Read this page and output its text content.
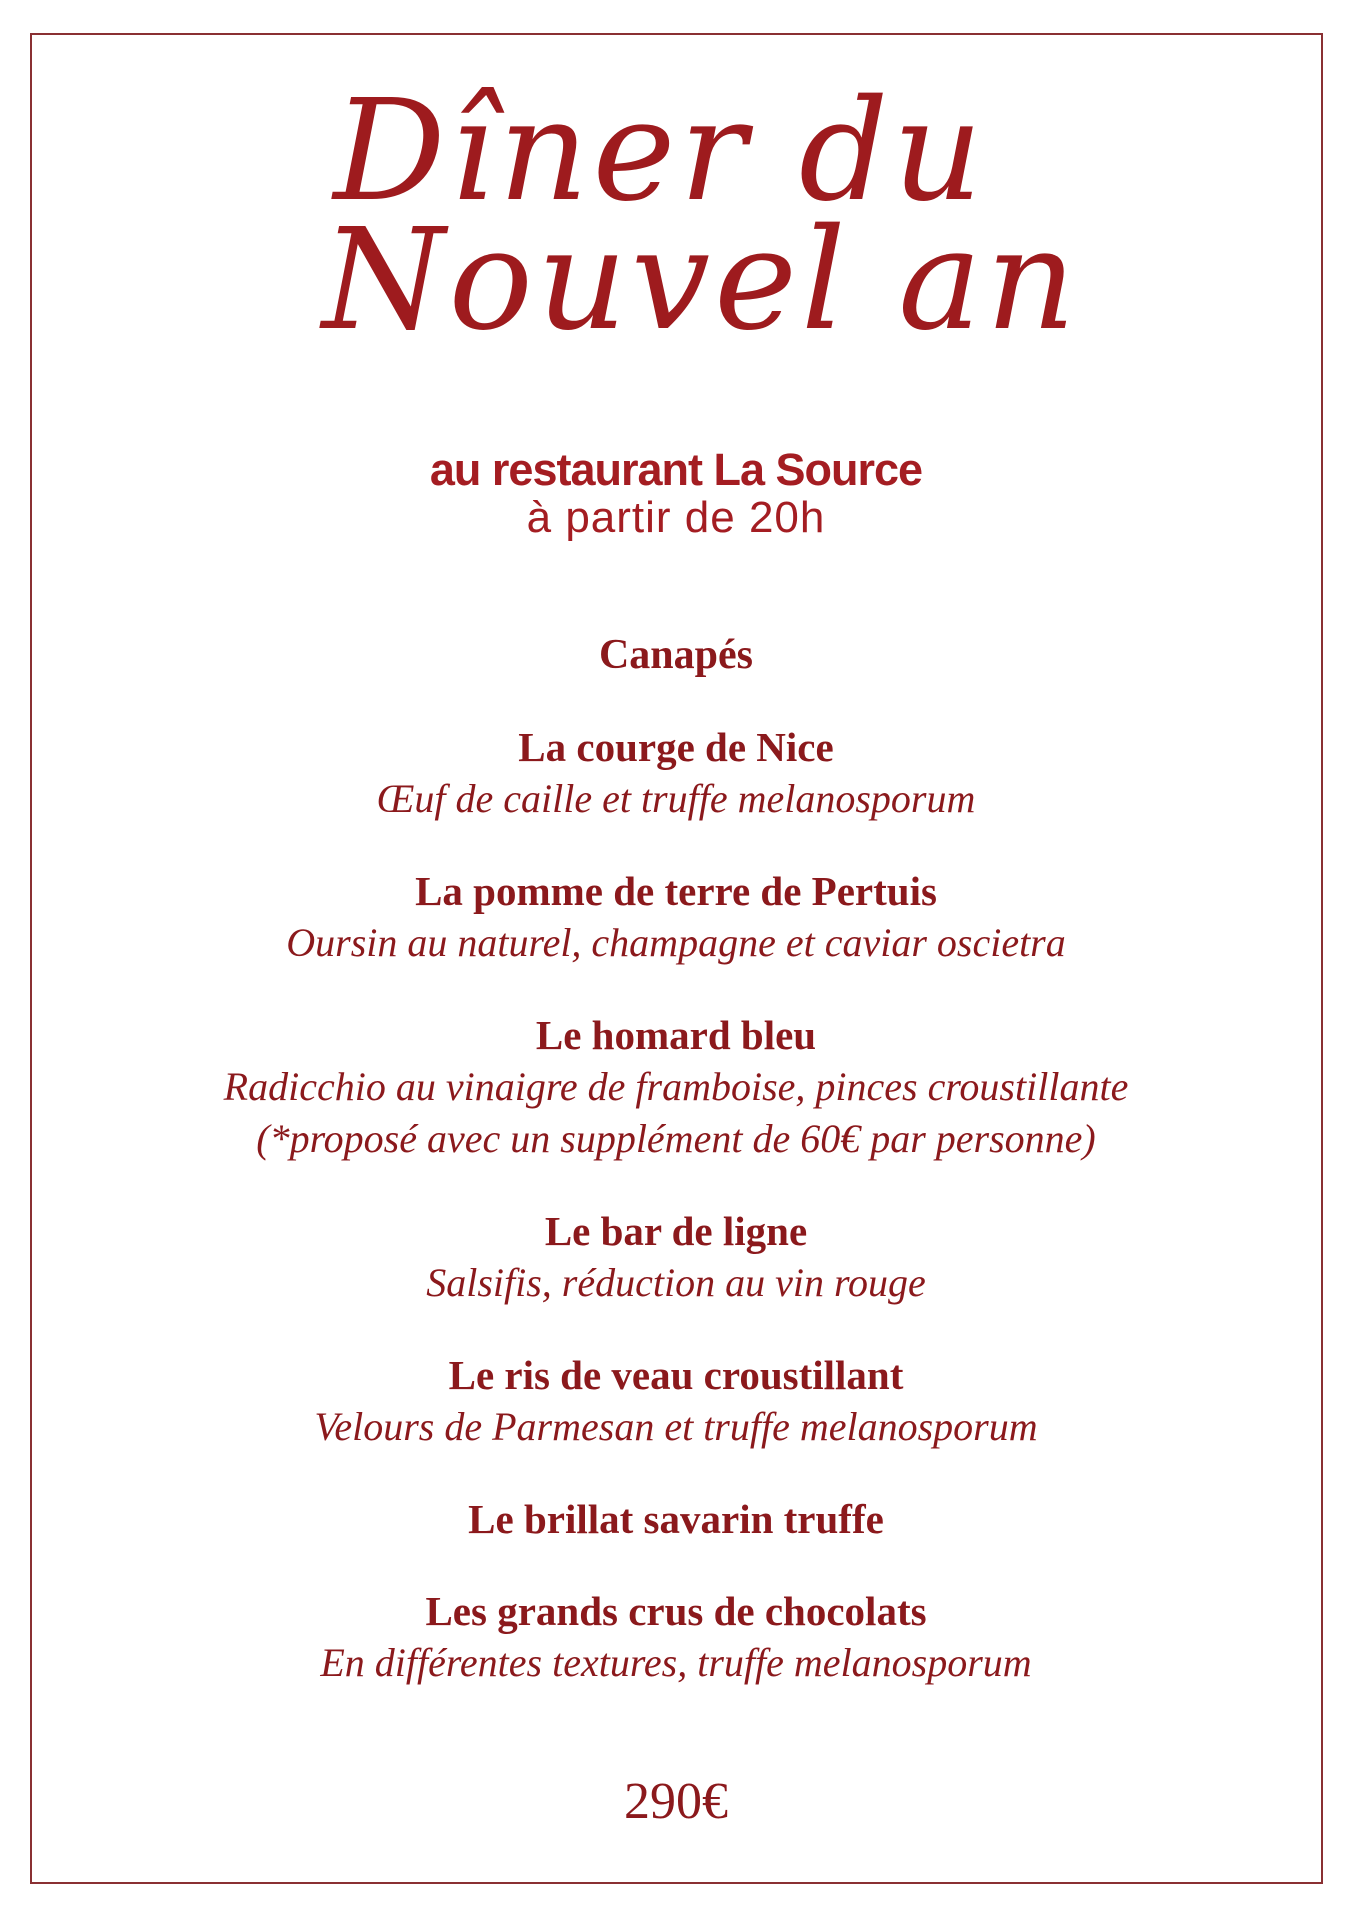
Dîner du
Nouvel an

au restaurant La Source

à partir de 20h

Canapés
La courge de Nice
Œuf de caille et truffe melanosporum
La pomme de terre de Pertuis
Oursin au naturel, champagne et caviar oscietra
Le homard bleu
Radicchio au vinaigre de framboise, pinces croustillante
(*proposé avec un supplément de 60€ par personne)
Le bar de ligne
Salsifis, réduction au vin rouge
Le ris de veau croustillant
Velours de Parmesan et truffe melanosporum
Le brillat savarin truffe
Les grands crus de chocolats
En différentes textures, truffe melanosporum
290€
